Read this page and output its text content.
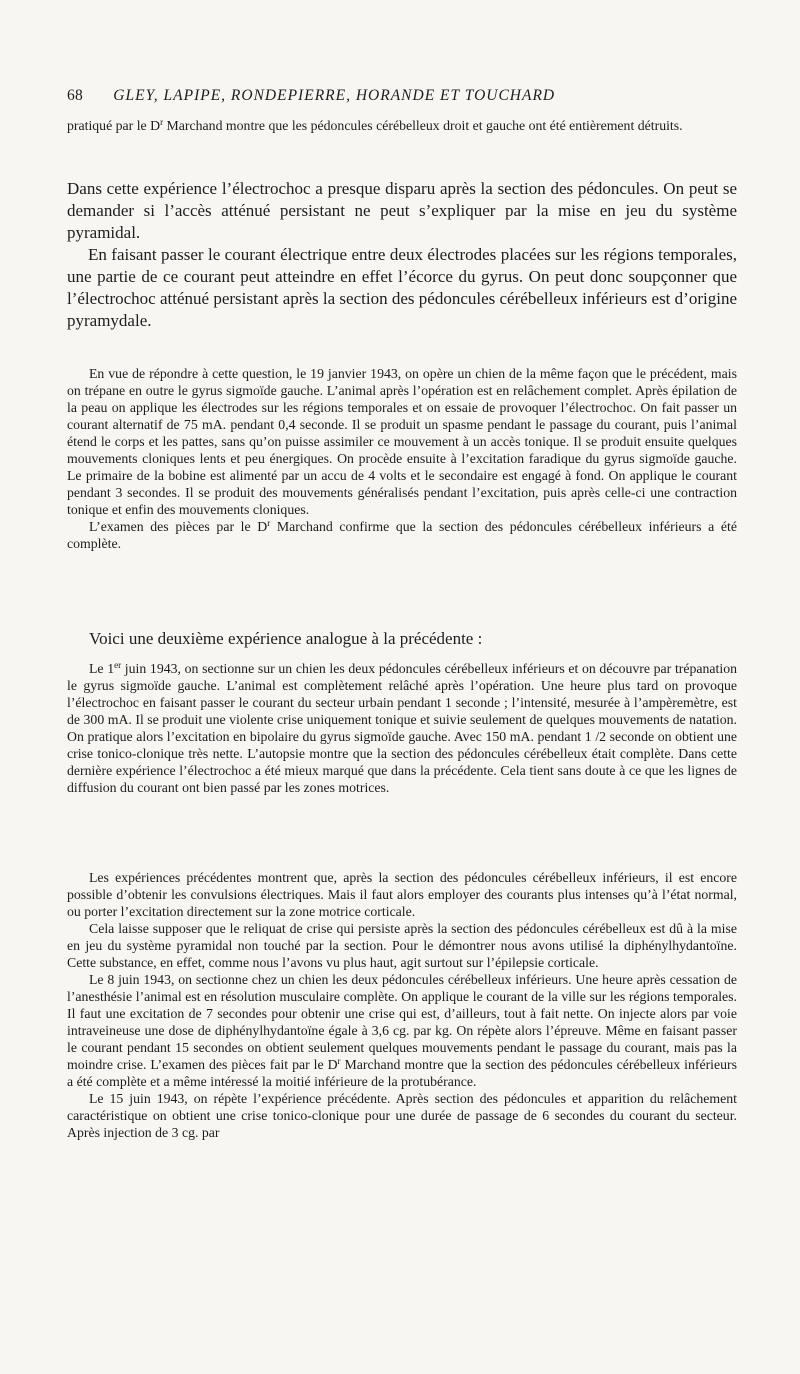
68 GLEY, LAPIPE, RONDEPIERRE, HORANDE ET TOUCHARD

pratiqué par le $D^r$ Marchand montre que les pédoncules cérébelleux droit et gauche ont été entièrement détruits.

Dans cette expérience l’électrochoc a presque disparu après la section des pédoncules. On peut se demander si l’accès atténué persistant ne peut s’expliquer par la mise en jeu du système pyramidal.

En faisant passer le courant électrique entre deux électrodes placées sur les régions temporales, une partie de ce courant peut atteindre en effet l’écorce du gyrus. On peut donc soupçonner que l’électrochoc atténué persistant après la section des pédoncules cérébelleux inférieurs est d’origine pyramydale.

En vue de répondre à cette question, le 19 janvier 1943, on opère un chien de la même façon que le précédent, mais on trépane en outre le gyrus sigmoïde gauche. L’animal après l’opération est en relâchement complet. Après épilation de la peau on applique les électrodes sur les régions temporales et on essaie de provoquer l’électrochoc. On fait passer un courant alternatif de 75 mA. pendant 0,4 seconde. Il se produit un spasme pendant le passage du courant, puis l’animal étend le corps et les pattes, sans qu’on puisse assimiler ce mouvement à un accès tonique. Il se produit ensuite quelques mouvements cloniques lents et peu énergiques. On procède ensuite à l’excitation faradique du gyrus sigmoïde gauche. Le primaire de la bobine est alimenté par un accu de 4 volts et le secondaire est engagé à fond. On applique le courant pendant 3 secondes. Il se produit des mouvements généralisés pendant l’excitation, puis après celle-ci une contraction tonique et enfin des mouvements cloniques.

L’examen des pièces par le $D^r$ Marchand confirme que la section des pédoncules cérébelleux inférieurs a été complète.

Voici une deuxième expérience analogue à la précédente :

Le 1er juin 1943, on sectionne sur un chien les deux pédoncules cérébelleux inférieurs et on découvre par trépanation le gyrus sigmoïde gauche. L’animal est complètement relâché après l’opération. Une heure plus tard on provoque l’électrochoc en faisant passer le courant du secteur urbain pendant 1 seconde ; l’intensité, mesurée à l’ampèremètre, est de 300 mA. Il se produit une violente crise uniquement tonique et suivie seulement de quelques mouvements de natation. On pratique alors l’excitation en bipolaire du gyrus sigmoïde gauche. Avec 150 mA. pendant 1 /2 seconde on obtient une crise tonico-clonique très nette. L’autopsie montre que la section des pédoncules cérébelleux était complète. Dans cette dernière expérience l’électrochoc a été mieux marqué que dans la précédente. Cela tient sans doute à ce que les lignes de diffusion du courant ont bien passé par les zones motrices.

Les expériences précédentes montrent que, après la section des pédoncules cérébelleux inférieurs, il est encore possible d’obtenir les convulsions électriques. Mais il faut alors employer des courants plus intenses qu’à l’état normal, ou porter l’excitation directement sur la zone motrice corticale.

Cela laisse supposer que le reliquat de crise qui persiste après la section des pédoncules cérébelleux est dû à la mise en jeu du système pyramidal non touché par la section. Pour le démontrer nous avons utilisé la diphénylhydantoïne. Cette substance, en effet, comme nous l’avons vu plus haut, agit surtout sur l’épilepsie corticale.

Le 8 juin 1943, on sectionne chez un chien les deux pédoncules cérébelleux inférieurs. Une heure après cessation de l’anesthésie l’animal est en résolution musculaire complète. On applique le courant de la ville sur les régions temporales. Il faut une excitation de 7 secondes pour obtenir une crise qui est, d’ailleurs, tout à fait nette. On injecte alors par voie intraveineuse une dose de diphénylhydantoïne égale à 3,6 cg. par kg. On répète alors l’épreuve. Même en faisant passer le courant pendant 15 secondes on obtient seulement quelques mouvements pendant le passage du courant, mais pas la moindre crise. L’examen des pièces fait par le $D^r$ Marchand montre que la section des pédoncules cérébelleux inférieurs a été complète et a même intéressé la moitié inférieure de la protubérance.

Le 15 juin 1943, on répète l’expérience précédente. Après section des pédoncules et apparition du relâchement caractéristique on obtient une crise tonico-clonique pour une durée de passage de 6 secondes du courant du secteur. Après injection de 3 cg. par
